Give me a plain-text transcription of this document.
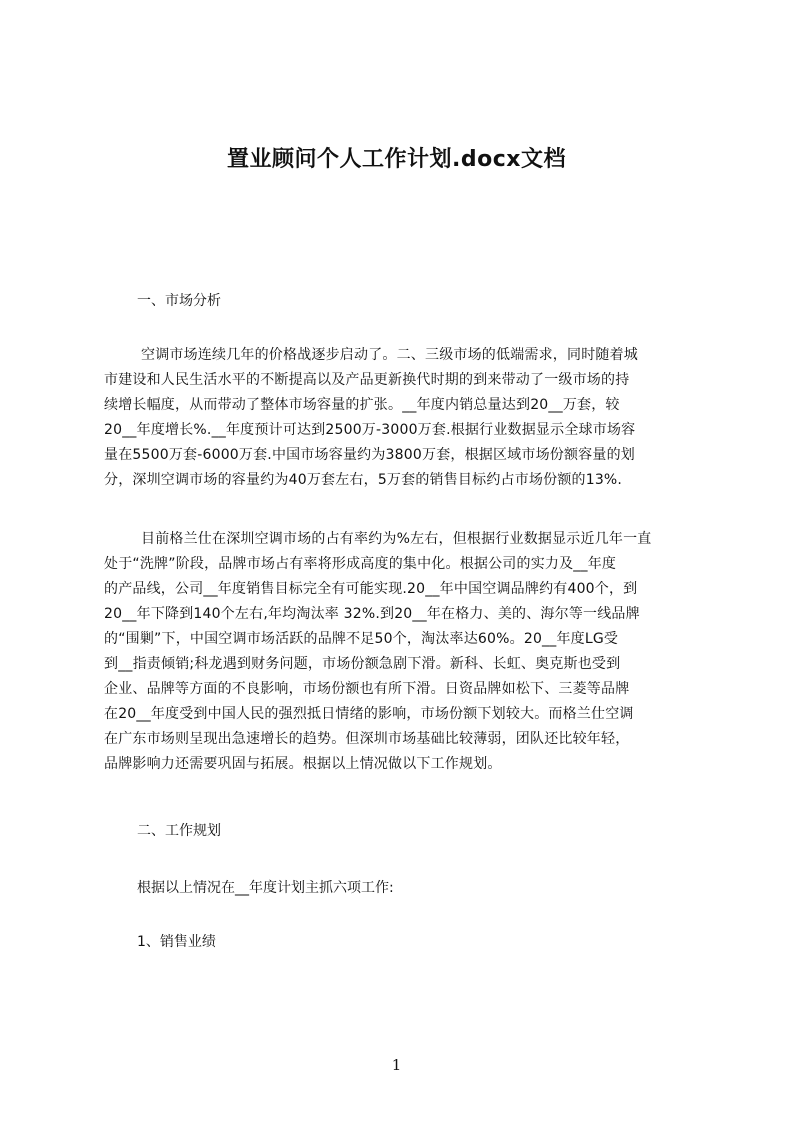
置业顾问个人工作计划.docx文档

一、市场分析

空调市场连续几年的价格战逐步启动了。二、三级市场的低端需求，同时随着城
市建设和人民生活水平的不断提高以及产品更新换代时期的到来带动了一级市场的持
续增长幅度，从而带动了整体市场容量的扩张。__年度内销总量达到20__万套，较
20__年度增长%.__年度预计可达到2500万-3000万套.根据行业数据显示全球市场容
量在5500万套-6000万套.中国市场容量约为3800万套，根据区域市场份额容量的划
分，深圳空调市场的容量约为40万套左右，5万套的销售目标约占市场份额的13%.
目前格兰仕在深圳空调市场的占有率约为%左右，但根据行业数据显示近几年一直
处于“洗牌”阶段，品牌市场占有率将形成高度的集中化。根据公司的实力及__年度
的产品线，公司__年度销售目标完全有可能实现.20__年中国空调品牌约有400个，到
20__年下降到140个左右,年均淘汰率 32%.到20__年在格力、美的、海尔等一线品牌
的“围剿”下，中国空调市场活跃的品牌不足50个，淘汰率达60%。20__年度LG受
到__指责倾销;科龙遇到财务问题，市场份额急剧下滑。新科、长虹、奥克斯也受到
企业、品牌等方面的不良影响，市场份额也有所下滑。日资品牌如松下、三菱等品牌
在20__年度受到中国人民的强烈抵日情绪的影响，市场份额下划较大。而格兰仕空调
在广东市场则呈现出急速增长的趋势。但深圳市场基础比较薄弱，团队还比较年轻，
品牌影响力还需要巩固与拓展。根据以上情况做以下工作规划。

二、工作规划

根据以上情况在__年度计划主抓六项工作:

1、销售业绩

1
